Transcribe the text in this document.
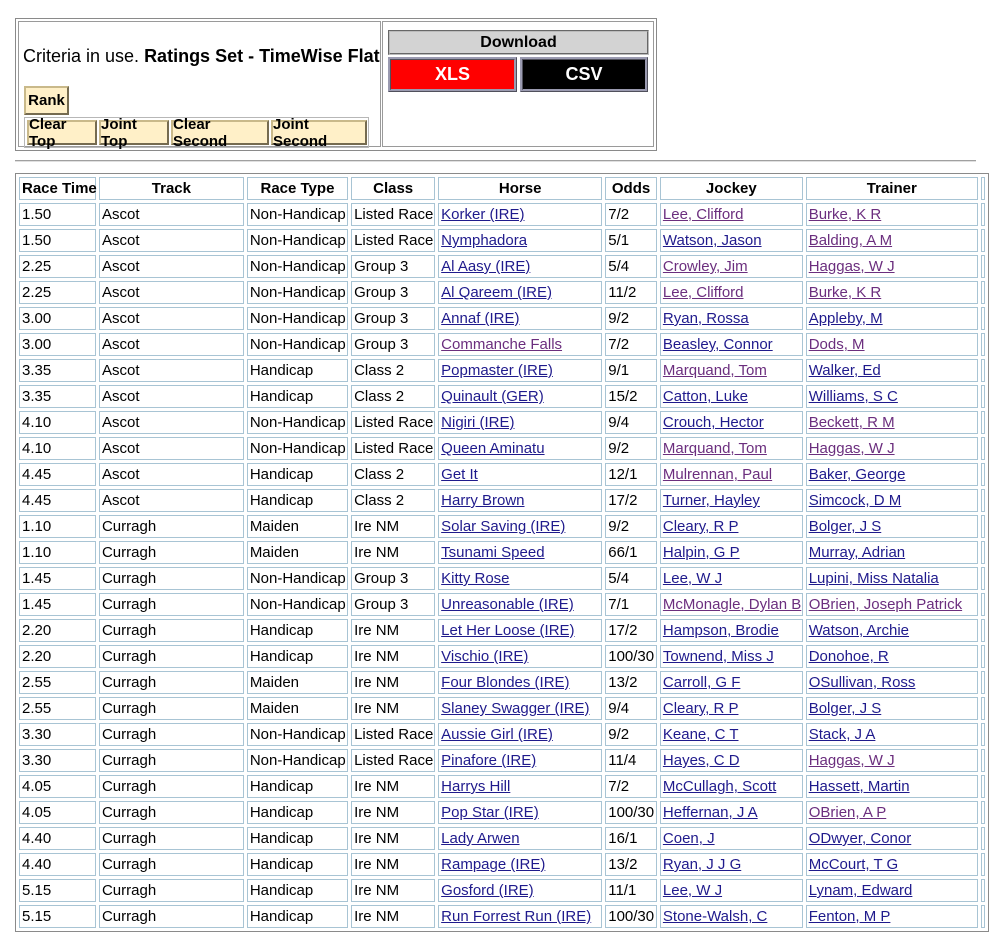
Criteria in use. Ratings Set - TimeWise Flat
Rank
Clear Top
Joint Top
Clear Second
Joint Second
Download
XLS	CSV
Race Time	Track	Race Type	Class	Horse	Odds	Jockey	Trainer	
1.50	Ascot	Non-Handicap	Listed Race	Korker (IRE)	7/2	Lee, Clifford	Burke, K R	
1.50	Ascot	Non-Handicap	Listed Race	Nymphadora	5/1	Watson, Jason	Balding, A M	
2.25	Ascot	Non-Handicap	Group 3	Al Aasy (IRE)	5/4	Crowley, Jim	Haggas, W J	
2.25	Ascot	Non-Handicap	Group 3	Al Qareem (IRE)	11/2	Lee, Clifford	Burke, K R	
3.00	Ascot	Non-Handicap	Group 3	Annaf (IRE)	9/2	Ryan, Rossa	Appleby, M	
3.00	Ascot	Non-Handicap	Group 3	Commanche Falls	7/2	Beasley, Connor	Dods, M	
3.35	Ascot	Handicap	Class 2	Popmaster (IRE)	9/1	Marquand, Tom	Walker, Ed	
3.35	Ascot	Handicap	Class 2	Quinault (GER)	15/2	Catton, Luke	Williams, S C	
4.10	Ascot	Non-Handicap	Listed Race	Nigiri (IRE)	9/4	Crouch, Hector	Beckett, R M	
4.10	Ascot	Non-Handicap	Listed Race	Queen Aminatu	9/2	Marquand, Tom	Haggas, W J	
4.45	Ascot	Handicap	Class 2	Get It	12/1	Mulrennan, Paul	Baker, George	
4.45	Ascot	Handicap	Class 2	Harry Brown	17/2	Turner, Hayley	Simcock, D M	
1.10	Curragh	Maiden	Ire NM	Solar Saving (IRE)	9/2	Cleary, R P	Bolger, J S	
1.10	Curragh	Maiden	Ire NM	Tsunami Speed	66/1	Halpin, G P	Murray, Adrian	
1.45	Curragh	Non-Handicap	Group 3	Kitty Rose	5/4	Lee, W J	Lupini, Miss Natalia	
1.45	Curragh	Non-Handicap	Group 3	Unreasonable (IRE)	7/1	McMonagle, Dylan B	OBrien, Joseph Patrick	
2.20	Curragh	Handicap	Ire NM	Let Her Loose (IRE)	17/2	Hampson, Brodie	Watson, Archie	
2.20	Curragh	Handicap	Ire NM	Vischio (IRE)	100/30	Townend, Miss J	Donohoe, R	
2.55	Curragh	Maiden	Ire NM	Four Blondes (IRE)	13/2	Carroll, G F	OSullivan, Ross	
2.55	Curragh	Maiden	Ire NM	Slaney Swagger (IRE)	9/4	Cleary, R P	Bolger, J S	
3.30	Curragh	Non-Handicap	Listed Race	Aussie Girl (IRE)	9/2	Keane, C T	Stack, J A	
3.30	Curragh	Non-Handicap	Listed Race	Pinafore (IRE)	11/4	Hayes, C D	Haggas, W J	
4.05	Curragh	Handicap	Ire NM	Harrys Hill	7/2	McCullagh, Scott	Hassett, Martin	
4.05	Curragh	Handicap	Ire NM	Pop Star (IRE)	100/30	Heffernan, J A	OBrien, A P	
4.40	Curragh	Handicap	Ire NM	Lady Arwen	16/1	Coen, J	ODwyer, Conor	
4.40	Curragh	Handicap	Ire NM	Rampage (IRE)	13/2	Ryan, J J G	McCourt, T G	
5.15	Curragh	Handicap	Ire NM	Gosford (IRE)	11/1	Lee, W J	Lynam, Edward	
5.15	Curragh	Handicap	Ire NM	Run Forrest Run (IRE)	100/30	Stone-Walsh, C	Fenton, M P	
